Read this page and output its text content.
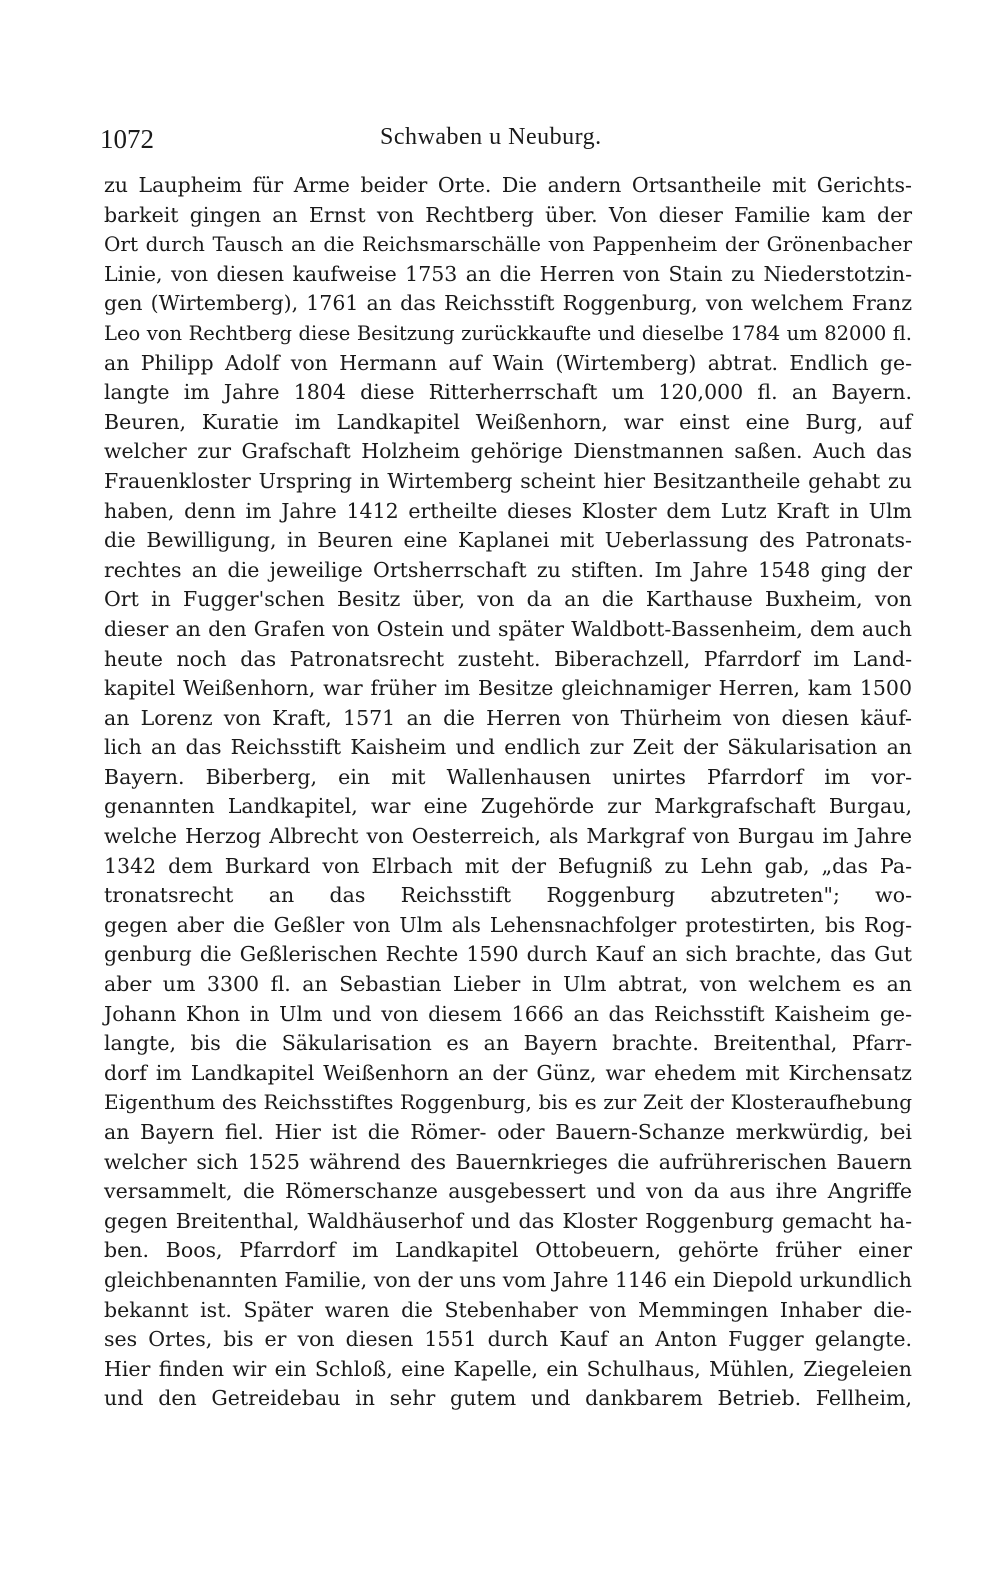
1072	Schwaben u Neuburg.
zu Laupheim für Arme beider Orte. Die andern Ortsantheile mit Gerichts-
barkeit gingen an Ernst von Rechtberg über. Von dieser Familie kam der
Ort durch Tausch an die Reichsmarschälle von Pappenheim der Grönenbacher
Linie, von diesen kaufweise 1753 an die Herren von Stain zu Niederstotzin-
gen (Wirtemberg), 1761 an das Reichsstift Roggenburg, von welchem Franz
Leo von Rechtberg diese Besitzung zurückkaufte und dieselbe 1784 um 82000 fl.
an Philipp Adolf von Hermann auf Wain (Wirtemberg) abtrat. Endlich ge-
langte im Jahre 1804 diese Ritterherrschaft um 120,000 fl. an Bayern.
Beuren, Kuratie im Landkapitel Weißenhorn, war einst eine Burg, auf
welcher zur Grafschaft Holzheim gehörige Dienstmannen saßen. Auch das
Frauenkloster Urspring in Wirtemberg scheint hier Besitzantheile gehabt zu
haben, denn im Jahre 1412 ertheilte dieses Kloster dem Lutz Kraft in Ulm
die Bewilligung, in Beuren eine Kaplanei mit Ueberlassung des Patronats-
rechtes an die jeweilige Ortsherrschaft zu stiften. Im Jahre 1548 ging der
Ort in Fugger'schen Besitz über, von da an die Karthause Buxheim, von
dieser an den Grafen von Ostein und später Waldbott-Bassenheim, dem auch
heute noch das Patronatsrecht zusteht. Biberachzell, Pfarrdorf im Land-
kapitel Weißenhorn, war früher im Besitze gleichnamiger Herren, kam 1500
an Lorenz von Kraft, 1571 an die Herren von Thürheim von diesen käuf-
lich an das Reichsstift Kaisheim und endlich zur Zeit der Säkularisation an
Bayern. Biberberg, ein mit Wallenhausen unirtes Pfarrdorf im vor-
genannten Landkapitel, war eine Zugehörde zur Markgrafschaft Burgau,
welche Herzog Albrecht von Oesterreich, als Markgraf von Burgau im Jahre
1342 dem Burkard von Elrbach mit der Befugniß zu Lehn gab, „das Pa-
tronatsrecht an das Reichsstift Roggenburg abzutreten"; wo-
gegen aber die Geßler von Ulm als Lehensnachfolger protestirten, bis Rog-
genburg die Geßlerischen Rechte 1590 durch Kauf an sich brachte, das Gut
aber um 3300 fl. an Sebastian Lieber in Ulm abtrat, von welchem es an
Johann Khon in Ulm und von diesem 1666 an das Reichsstift Kaisheim ge-
langte, bis die Säkularisation es an Bayern brachte. Breitenthal, Pfarr-
dorf im Landkapitel Weißenhorn an der Günz, war ehedem mit Kirchensatz
Eigenthum des Reichsstiftes Roggenburg, bis es zur Zeit der Klosteraufhebung
an Bayern fiel. Hier ist die Römer- oder Bauern-Schanze merkwürdig, bei
welcher sich 1525 während des Bauernkrieges die aufrührerischen Bauern
versammelt, die Römerschanze ausgebessert und von da aus ihre Angriffe
gegen Breitenthal, Waldhäuserhof und das Kloster Roggenburg gemacht ha-
ben. Boos, Pfarrdorf im Landkapitel Ottobeuern, gehörte früher einer
gleichbenannten Familie, von der uns vom Jahre 1146 ein Diepold urkundlich
bekannt ist. Später waren die Stebenhaber von Memmingen Inhaber die-
ses Ortes, bis er von diesen 1551 durch Kauf an Anton Fugger gelangte.
Hier finden wir ein Schloß, eine Kapelle, ein Schulhaus, Mühlen, Ziegeleien
und den Getreidebau in sehr gutem und dankbarem Betrieb. Fellheim,
